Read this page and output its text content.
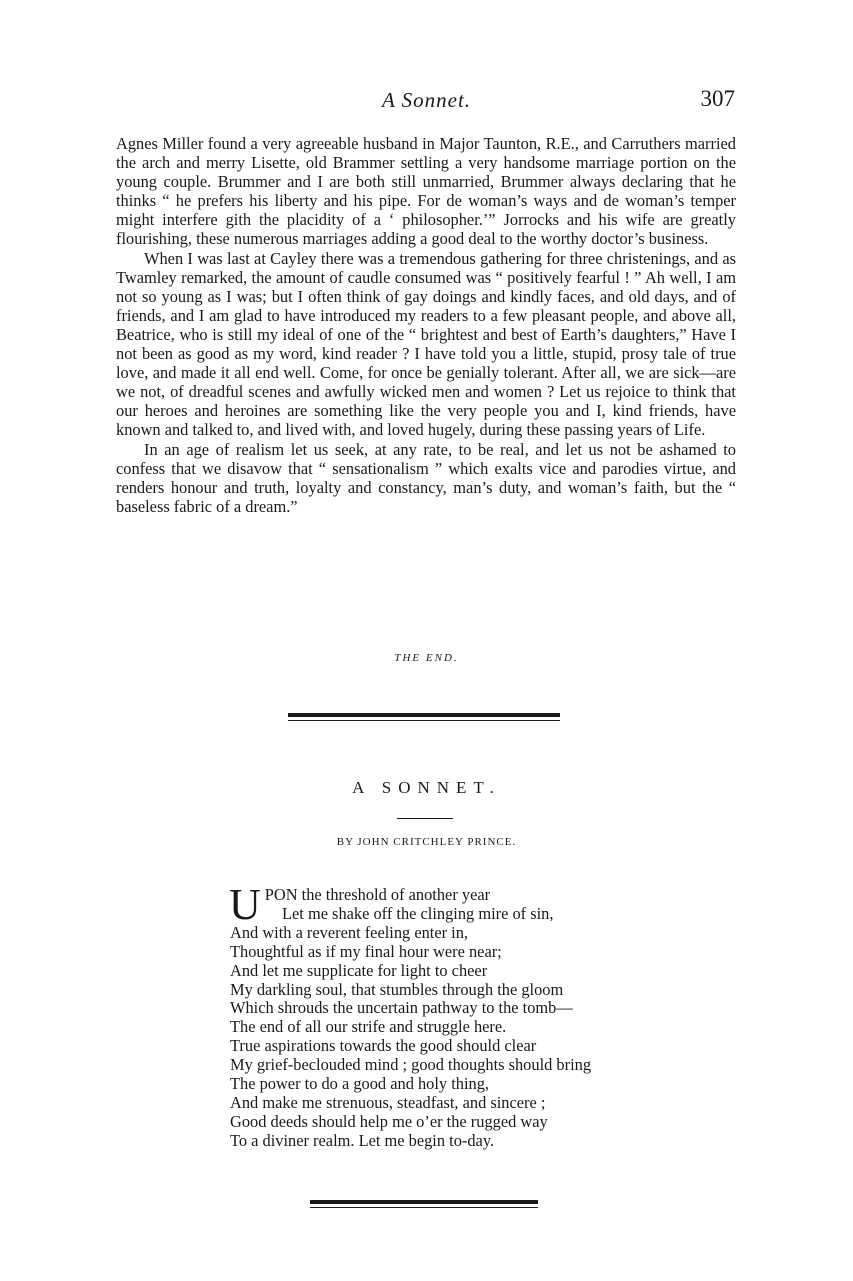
A Sonnet.	307

Agnes Miller found a very agreeable husband in Major Taunton, R.E., and Carruthers married the arch and merry Lisette, old Brammer settling a very handsome marriage portion on the young couple. Brummer and I are both still unmarried, Brummer always declaring that he thinks “ he prefers his liberty and his pipe. For de woman’s ways and de woman’s temper might interfere gith the placidity of a ‘ philosopher.’” Jorrocks and his wife are greatly flourishing, these numerous marriages adding a good deal to the worthy doctor’s business.

When I was last at Cayley there was a tremendous gathering for three christenings, and as Twamley remarked, the amount of caudle consumed was “ positively fearful ! ” Ah well, I am not so young as I was; but I often think of gay doings and kindly faces, and old days, and of friends, and I am glad to have introduced my readers to a few pleasant people, and above all, Beatrice, who is still my ideal of one of the “ brightest and best of Earth’s daughters,” Have I not been as good as my word, kind reader ? I have told you a little, stupid, prosy tale of true love, and made it all end well. Come, for once be genially tolerant. After all, we are sick—are we not, of dreadful scenes and awfully wicked men and women ? Let us rejoice to think that our heroes and heroines are something like the very people you and I, kind friends, have known and talked to, and lived with, and loved hugely, during these passing years of Life.

In an age of realism let us seek, at any rate, to be real, and let us not be ashamed to confess that we disavow that “ sensationalism ” which exalts vice and parodies virtue, and renders honour and truth, loyalty and constancy, man’s duty, and woman’s faith, but the “ baseless fabric of a dream.”

THE END.
A SONNET.
BY JOHN CRITCHLEY PRINCE.
UPON the threshold of another year
Let me shake off the clinging mire of sin,
And with a reverent feeling enter in,
Thoughtful as if my final hour were near;
And let me supplicate for light to cheer
My darkling soul, that stumbles through the gloom
Which shrouds the uncertain pathway to the tomb—
The end of all our strife and struggle here.
True aspirations towards the good should clear
My grief-beclouded mind ; good thoughts should bring
The power to do a good and holy thing,
And make me strenuous, steadfast, and sincere ;
Good deeds should help me o’er the rugged way
To a diviner realm. Let me begin to-day.
